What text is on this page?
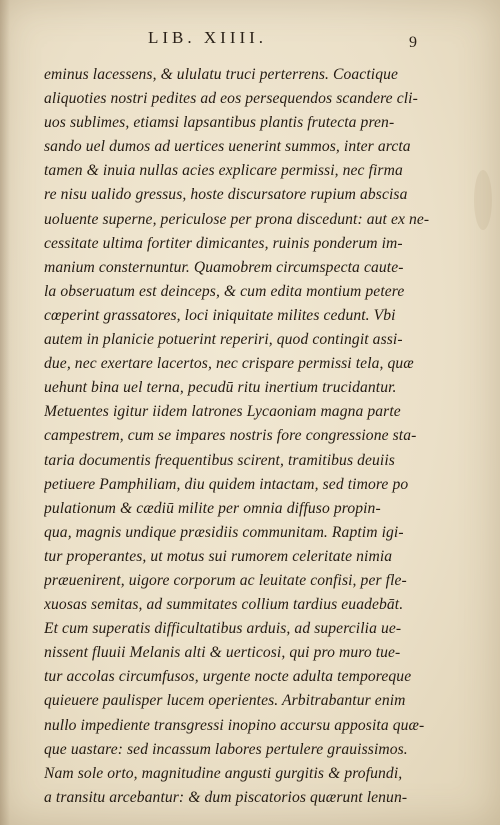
LIB. XIIII.	9
eminus lacessens, & ululatu truci perterrens. Coactique
aliquoties nostri pedites ad eos persequendos scandere cli-
uos sublimes, etiamsi lapsantibus plantis frutecta pren-
sando uel dumos ad uertices uenerint summos, inter arcta
tamen & inuia nullas acies explicare permissi, nec firma
re nisu ualido gressus, hoste discursatore rupium abscisa
uoluente superne, periculose per prona discedunt: aut ex ne-
cessitate ultima fortiter dimicantes, ruinis ponderum im-
manium consternuntur. Quamobrem circumspecta caute-
la obseruatum est deinceps, & cum edita montium petere
cœperint grassatores, loci iniquitate milites cedunt. Vbi
autem in planicie potuerint reperiri, quod contingit assi-
due, nec exertare lacertos, nec crispare permissi tela, quæ
uehunt bina uel terna, pecudū ritu inertium trucidantur.
Metuentes igitur iidem latrones Lycaoniam magna parte
campestrem, cum se impares nostris fore congressione sta-
taria documentis frequentibus scirent, tramitibus deuiis
petiuere Pamphiliam, diu quidem intactam, sed timore po
pulationum & cædiū milite per omnia diffuso propin-
qua, magnis undique præsidiis communitam. Raptim igi-
tur properantes, ut motus sui rumorem celeritate nimia
præuenirent, uigore corporum ac leuitate confisi, per fle-
xuosas semitas, ad summitates collium tardius euadebāt.
Et cum superatis difficultatibus arduis, ad supercilia ue-
nissent fluuii Melanis alti & uerticosi, qui pro muro tue-
tur accolas circumfusos, urgente nocte adulta temporeque
quieuere paulisper lucem operientes. Arbitrabantur enim
nullo impediente transgressi inopino accursu apposita quæ-
que uastare: sed incassum labores pertulere grauissimos.
Nam sole orto, magnitudine angusti gurgitis & profundi,
a transitu arcebantur: & dum piscatorios quærunt lenun-
